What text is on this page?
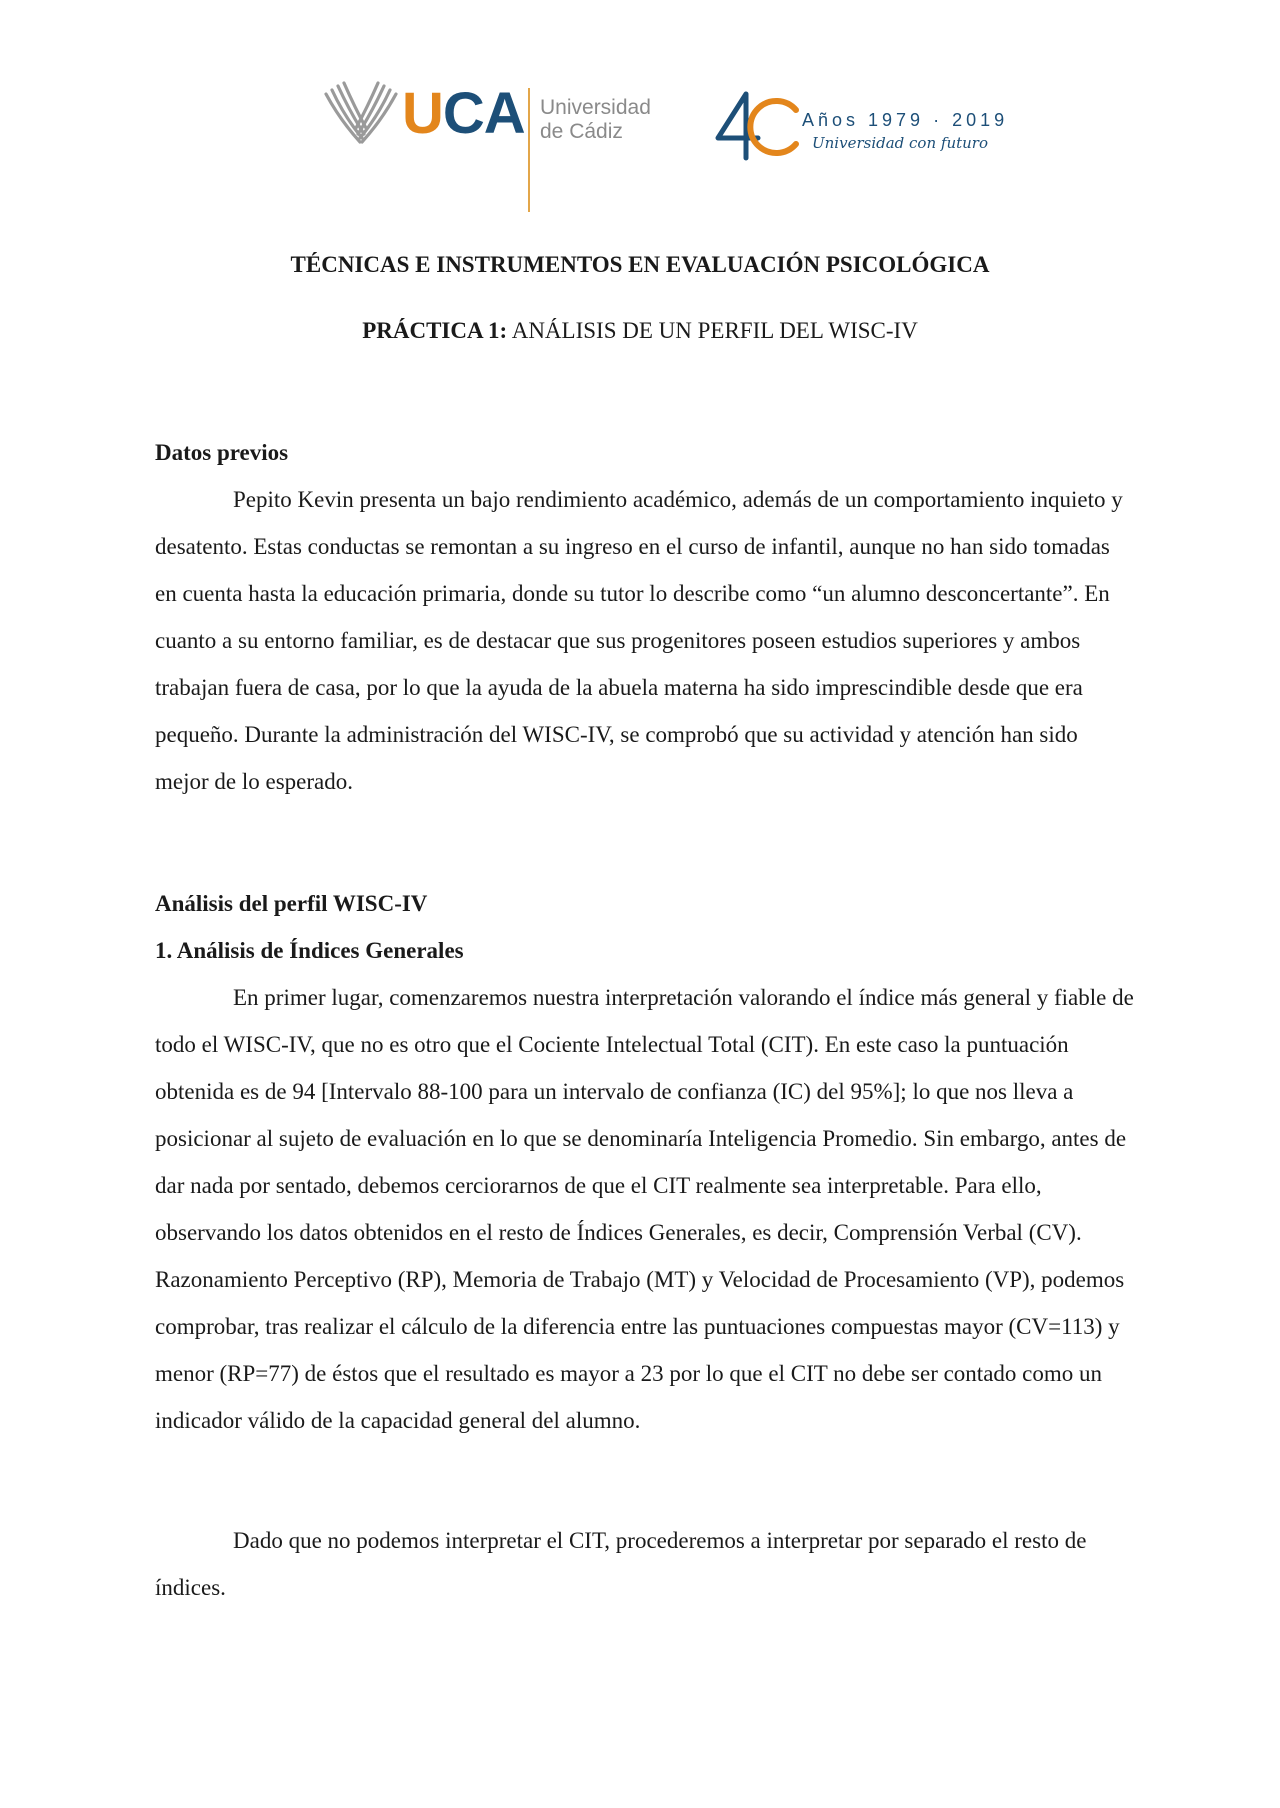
UCA Universidad
de Cádiz
40
Años 1979 · 2019
Universidad con futuro
TÉCNICAS E INSTRUMENTOS EN EVALUACIÓN PSICOLÓGICA
PRÁCTICA 1: ANÁLISIS DE UN PERFIL DEL WISC-IV

Datos previos

Pepito Kevin presenta un bajo rendimiento académico, además de un comportamiento inquieto y desatento. Estas conductas se remontan a su ingreso en el curso de infantil, aunque no han sido tomadas en cuenta hasta la educación primaria, donde su tutor lo describe como “un alumno desconcertante”. En cuanto a su entorno familiar, es de destacar que sus progenitores poseen estudios superiores y ambos trabajan fuera de casa, por lo que la ayuda de la abuela materna ha sido imprescindible desde que era pequeño. Durante la administración del WISC-IV, se comprobó que su actividad y atención han sido mejor de lo esperado.

Análisis del perfil WISC-IV

1. Análisis de Índices Generales

En primer lugar, comenzaremos nuestra interpretación valorando el índice más general y fiable de todo el WISC-IV, que no es otro que el Cociente Intelectual Total (CIT). En este caso la puntuación obtenida es de 94 [Intervalo 88-100 para un intervalo de confianza (IC) del 95%]; lo que nos lleva a posicionar al sujeto de evaluación en lo que se denominaría Inteligencia Promedio. Sin embargo, antes de dar nada por sentado, debemos cerciorarnos de que el CIT realmente sea interpretable. Para ello, observando los datos obtenidos en el resto de Índices Generales, es decir, Comprensión Verbal (CV). Razonamiento Perceptivo (RP), Memoria de Trabajo (MT) y Velocidad de Procesamiento (VP), podemos comprobar, tras realizar el cálculo de la diferencia entre las puntuaciones compuestas mayor (CV=113) y menor (RP=77) de éstos que el resultado es mayor a 23 por lo que el CIT no debe ser contado como un indicador válido de la capacidad general del alumno.

Dado que no podemos interpretar el CIT, procederemos a interpretar por separado el resto de índices.
